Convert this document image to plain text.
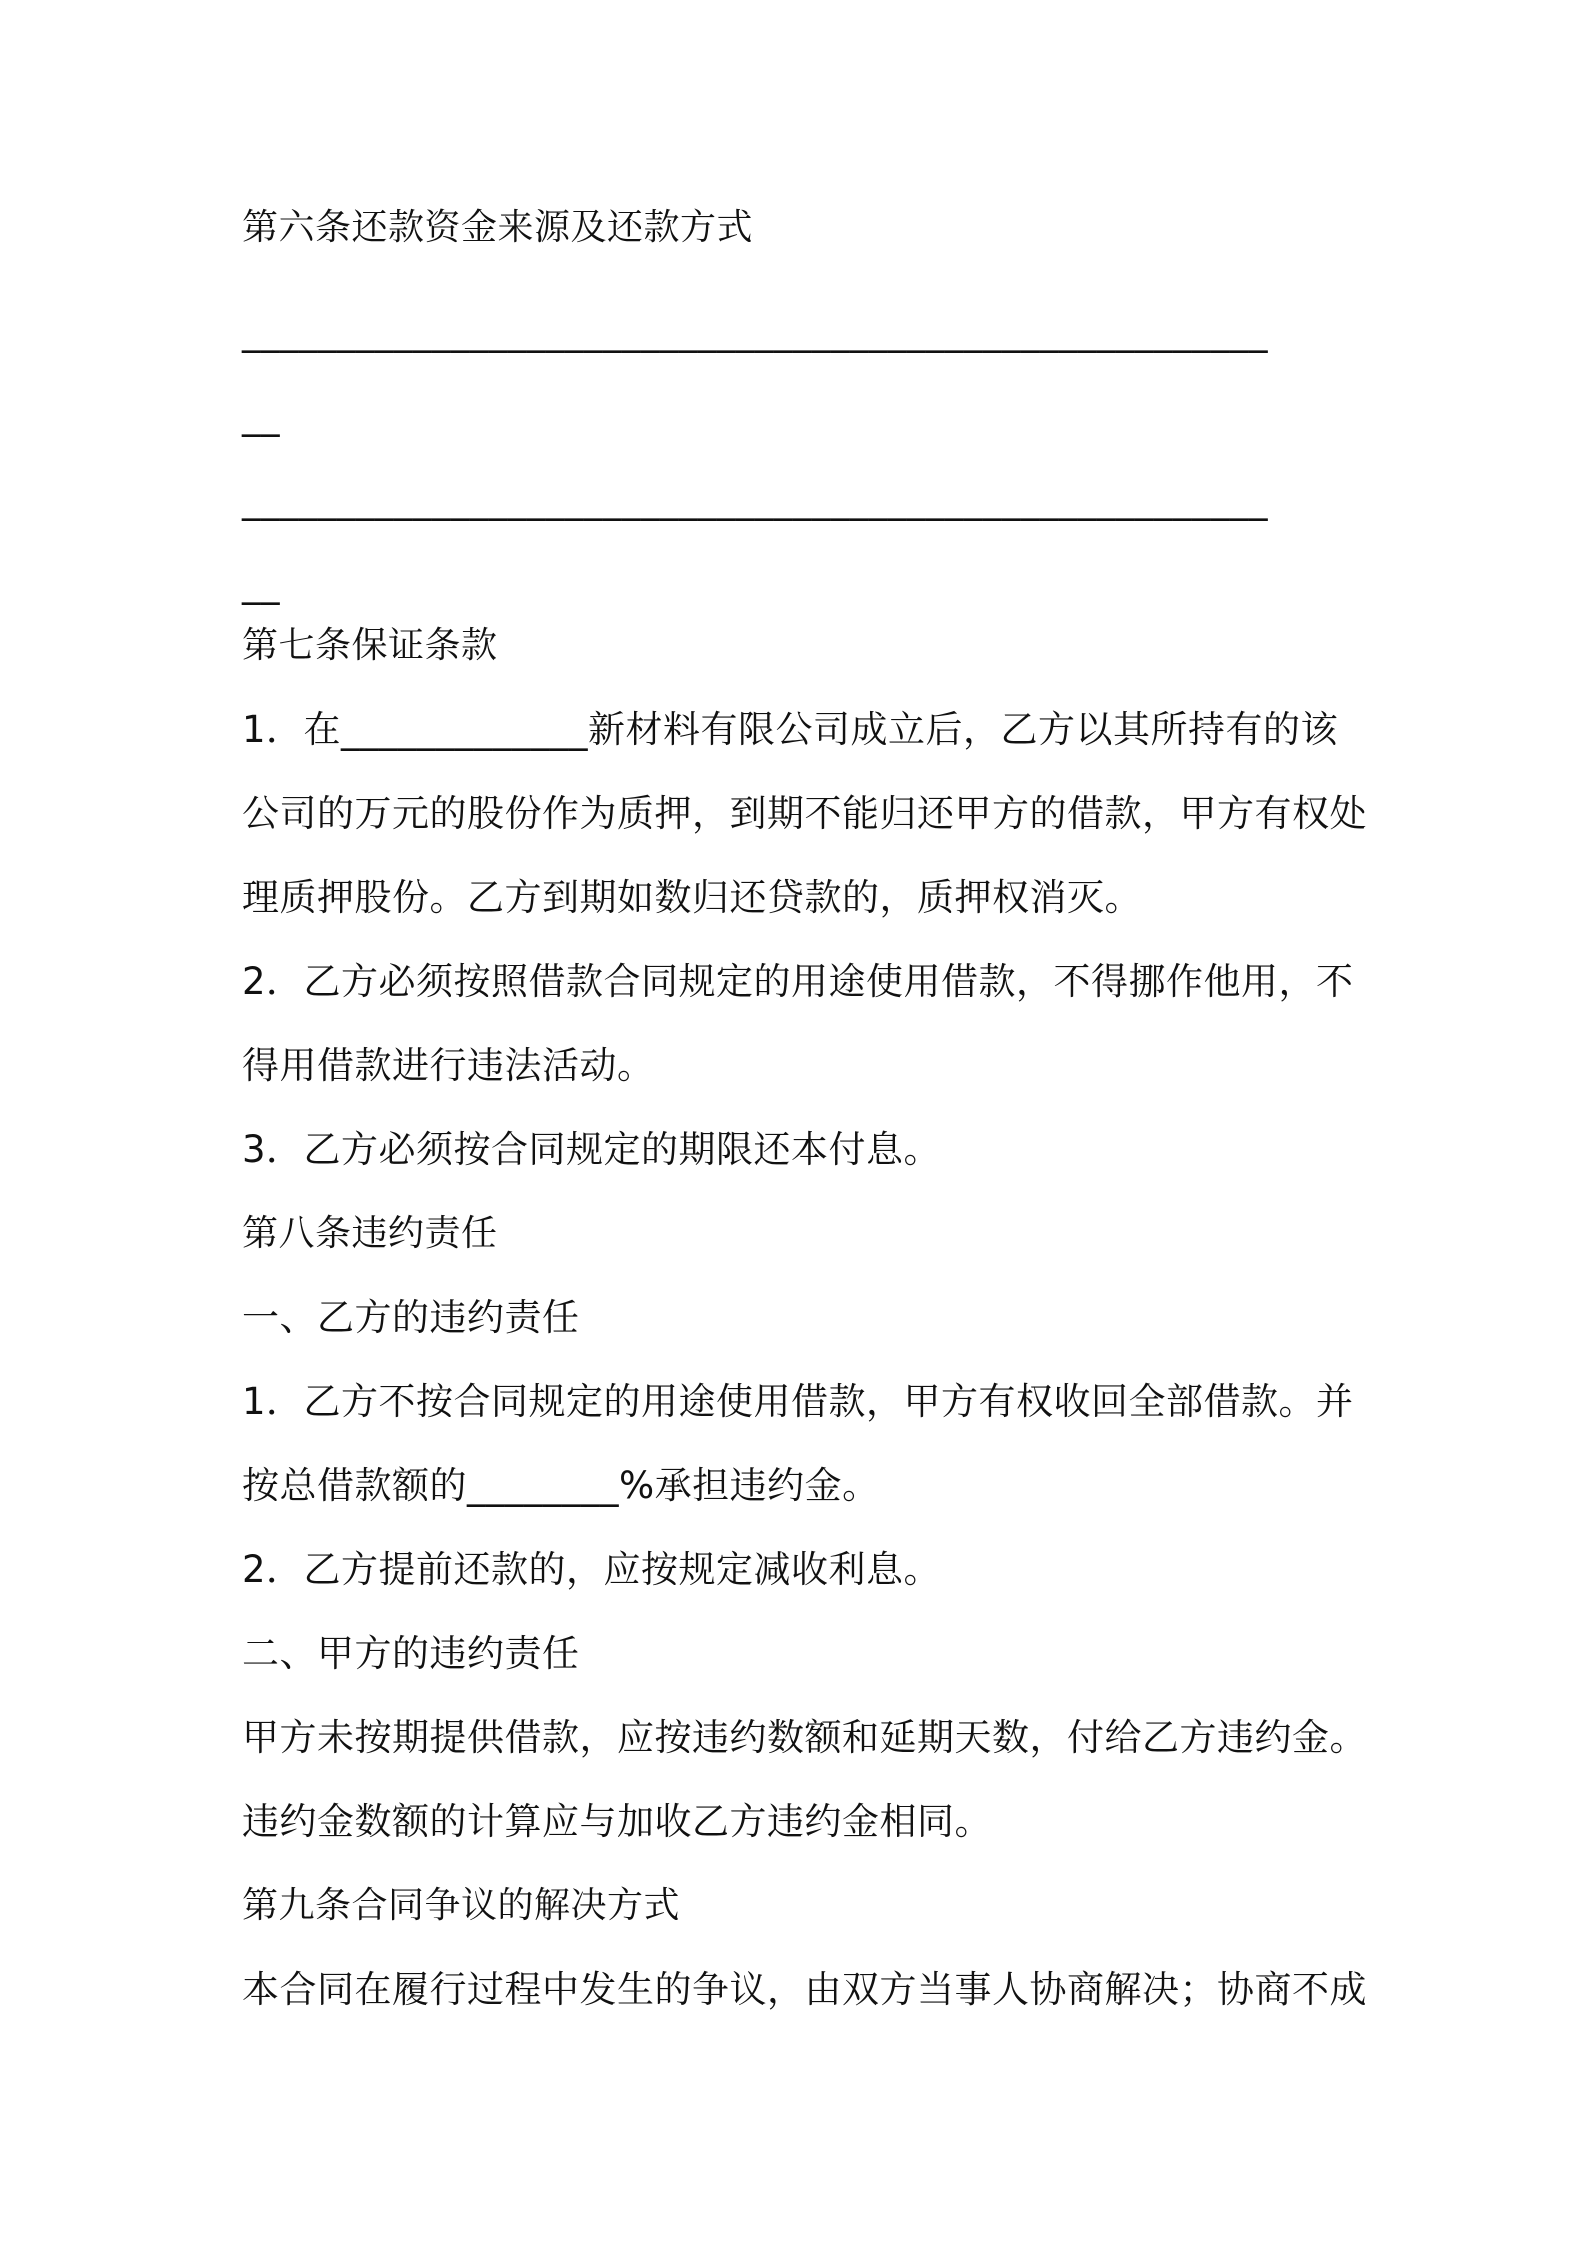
第六条还款资金来源及还款方式

______________________________________________________

__

______________________________________________________

__

第七条保证条款

1．在_____________新材料有限公司成立后，乙方以其所持有的该

公司的万元的股份作为质押，到期不能归还甲方的借款，甲方有权处

理质押股份。乙方到期如数归还贷款的，质押权消灭。

2．乙方必须按照借款合同规定的用途使用借款，不得挪作他用，不

得用借款进行违法活动。

3．乙方必须按合同规定的期限还本付息。

第八条违约责任

一、乙方的违约责任

1．乙方不按合同规定的用途使用借款，甲方有权收回全部借款。并

按总借款额的________%承担违约金。

2．乙方提前还款的，应按规定减收利息。

二、甲方的违约责任

甲方未按期提供借款，应按违约数额和延期天数，付给乙方违约金。

违约金数额的计算应与加收乙方违约金相同。

第九条合同争议的解决方式

本合同在履行过程中发生的争议，由双方当事人协商解决；协商不成
